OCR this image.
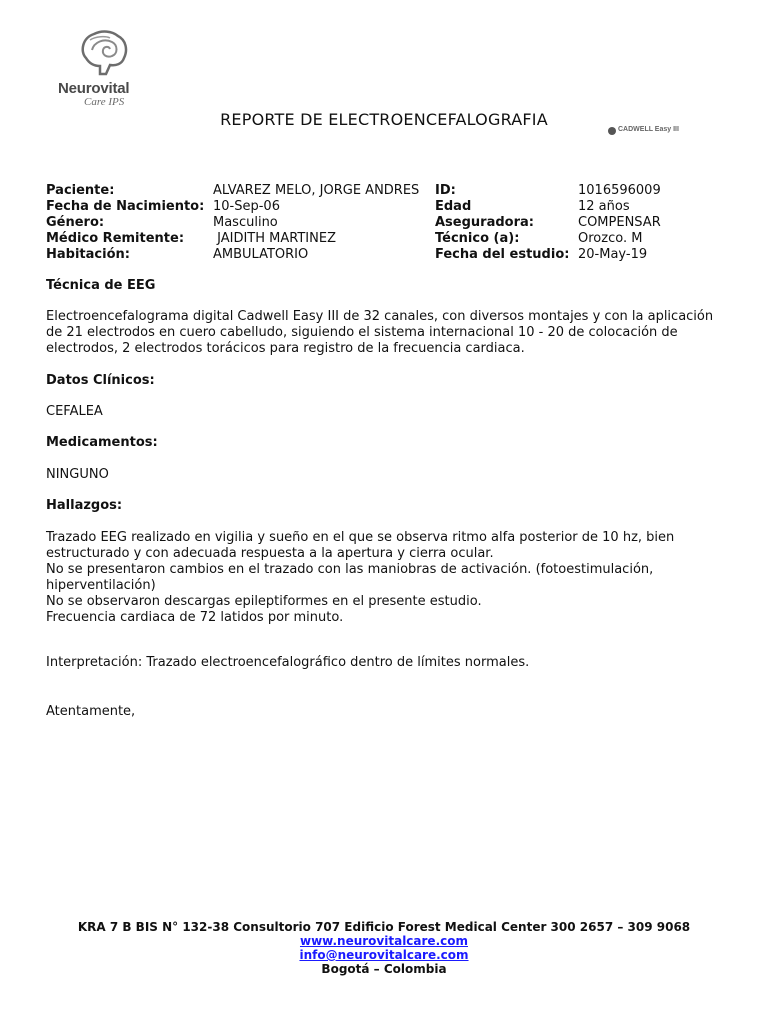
Neurovital
Care IPS
REPORTE DE ELECTROENCEFALOGRAFIA
CADWELL Easy III
Paciente:	ALVAREZ MELO, JORGE ANDRES ID:	1016596009
Fecha de Nacimiento: 10-Sep-06	Edad	12 años
Género:	Masculino	Aseguradora:	COMPENSAR
Médico Remitente: JAIDITH MARTINEZ	Técnico (a):	Orozco. M
Habitación:	AMBULATORIO	Fecha del estudio: 20-May-19
Técnica de EEG
Electroencefalograma digital Cadwell Easy III de 32 canales, con diversos montajes y con la aplicación de 21 electrodos en cuero cabelludo, siguiendo el sistema internacional 10 - 20 de colocación de electrodos, 2 electrodos torácicos para registro de la frecuencia cardiaca.
Datos Clínicos:
CEFALEA
Medicamentos:
NINGUNO
Hallazgos:
Trazado EEG realizado en vigilia y sueño en el que se observa ritmo alfa posterior de 10 hz, bien estructurado y con adecuada respuesta a la apertura y cierra ocular.
No se presentaron cambios en el trazado con las maniobras de activación. (fotoestimulación, hiperventilación)
No se observaron descargas epileptiformes en el presente estudio.
Frecuencia cardiaca de 72 latidos por minuto.
Interpretación: Trazado electroencefalográfico dentro de límites normales.
Atentamente,
KRA 7 B BIS N° 132-38 Consultorio 707 Edificio Forest Medical Center 300 2657 – 309 9068
www.neurovitalcare.com
info@neurovitalcare.com
Bogotá – Colombia
